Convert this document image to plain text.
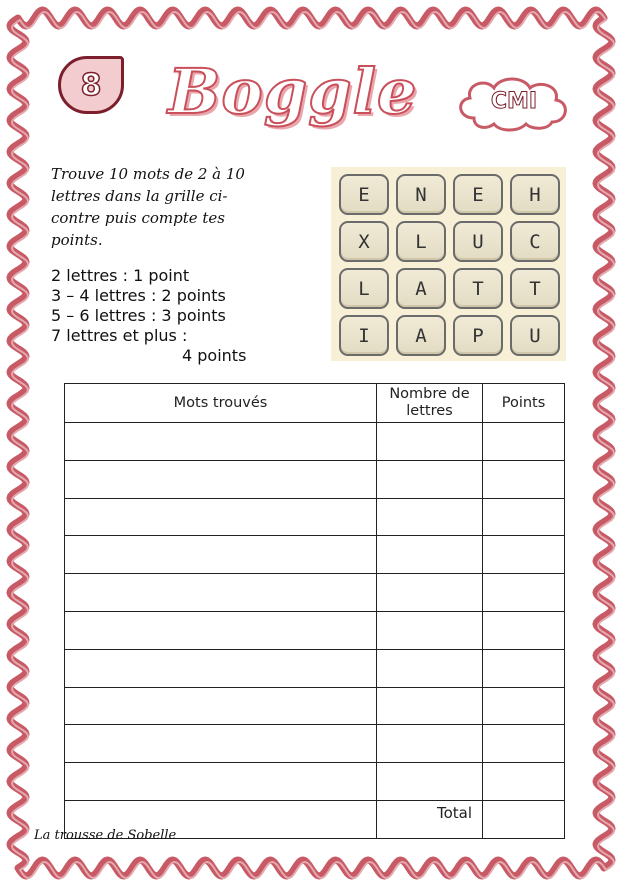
8 Boggle	CMI

Trouve 10 mots de 2 à 10 lettres dans la grille ci-contre puis compte tes points.

2 lettres : 1 point
3 – 4 lettres : 2 points
5 – 6 lettres : 3 points
7 lettres et plus :
4 points
E	N	E	H
X	L	U	C
L	A	T	T
I	A	P	U
Mots trouvés	Nombre de lettres	Points

	Total	
La trousse de Sobelle
